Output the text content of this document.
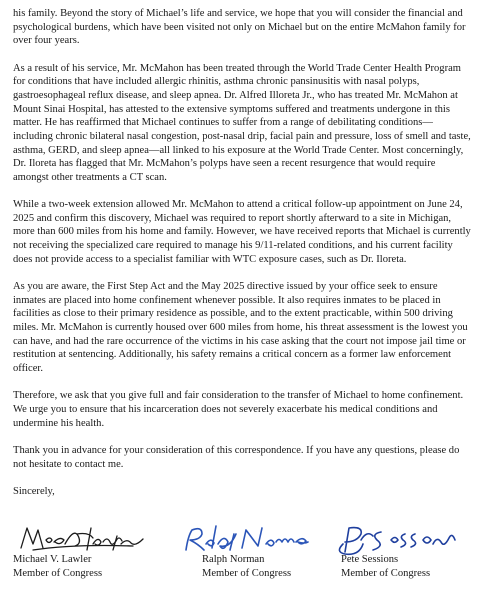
his family. Beyond the story of Michael’s life and service, we hope that you will consider the financial and psychological burdens, which have been visited not only on Michael but on the entire McMahon family for over four years.

As a result of his service, Mr. McMahon has been treated through the World Trade Center Health Program for conditions that have included allergic rhinitis, asthma chronic pansinusitis with nasal polyps, gastroesophageal reflux disease, and sleep apnea. Dr. Alfred Illoreta Jr., who has treated Mr. McMahon at Mount Sinai Hospital, has attested to the extensive symptoms suffered and treatments undergone in this matter. He has reaffirmed that Michael continues to suffer from a range of debilitating conditions—including chronic bilateral nasal congestion, post-nasal drip, facial pain and pressure, loss of smell and taste, asthma, GERD, and sleep apnea—all linked to his exposure at the World Trade Center. Most concerningly, Dr. Iloreta has flagged that Mr. McMahon’s polyps have seen a recent resurgence that would require amongst other treatments a CT scan.

While a two-week extension allowed Mr. McMahon to attend a critical follow-up appointment on June 24, 2025 and confirm this discovery, Michael was required to report shortly afterward to a site in Michigan, more than 600 miles from his home and family. However, we have received reports that Michael is currently not receiving the specialized care required to manage his 9/11-related conditions, and his current facility does not provide access to a specialist familiar with WTC exposure cases, such as Dr. Iloreta.

As you are aware, the First Step Act and the May 2025 directive issued by your office seek to ensure inmates are placed into home confinement whenever possible. It also requires inmates to be placed in facilities as close to their primary residence as possible, and to the extent practicable, within 500 driving miles. Mr. McMahon is currently housed over 600 miles from home, his threat assessment is the lowest you can have, and had the rare occurrence of the victims in his case asking that the court not impose jail time or restitution at sentencing. Additionally, his safety remains a critical concern as a former law enforcement officer.

Therefore, we ask that you give full and fair consideration to the transfer of Michael to home confinement. We urge you to ensure that his incarceration does not severely exacerbate his medical conditions and undermine his health.

Thank you in advance for your consideration of this correspondence. If you have any questions, please do not hesitate to contact me.

Sincerely,

Michael V. Lawler
Member of Congress
Ralph Norman
Member of Congress
Pete Sessions
Member of Congress
